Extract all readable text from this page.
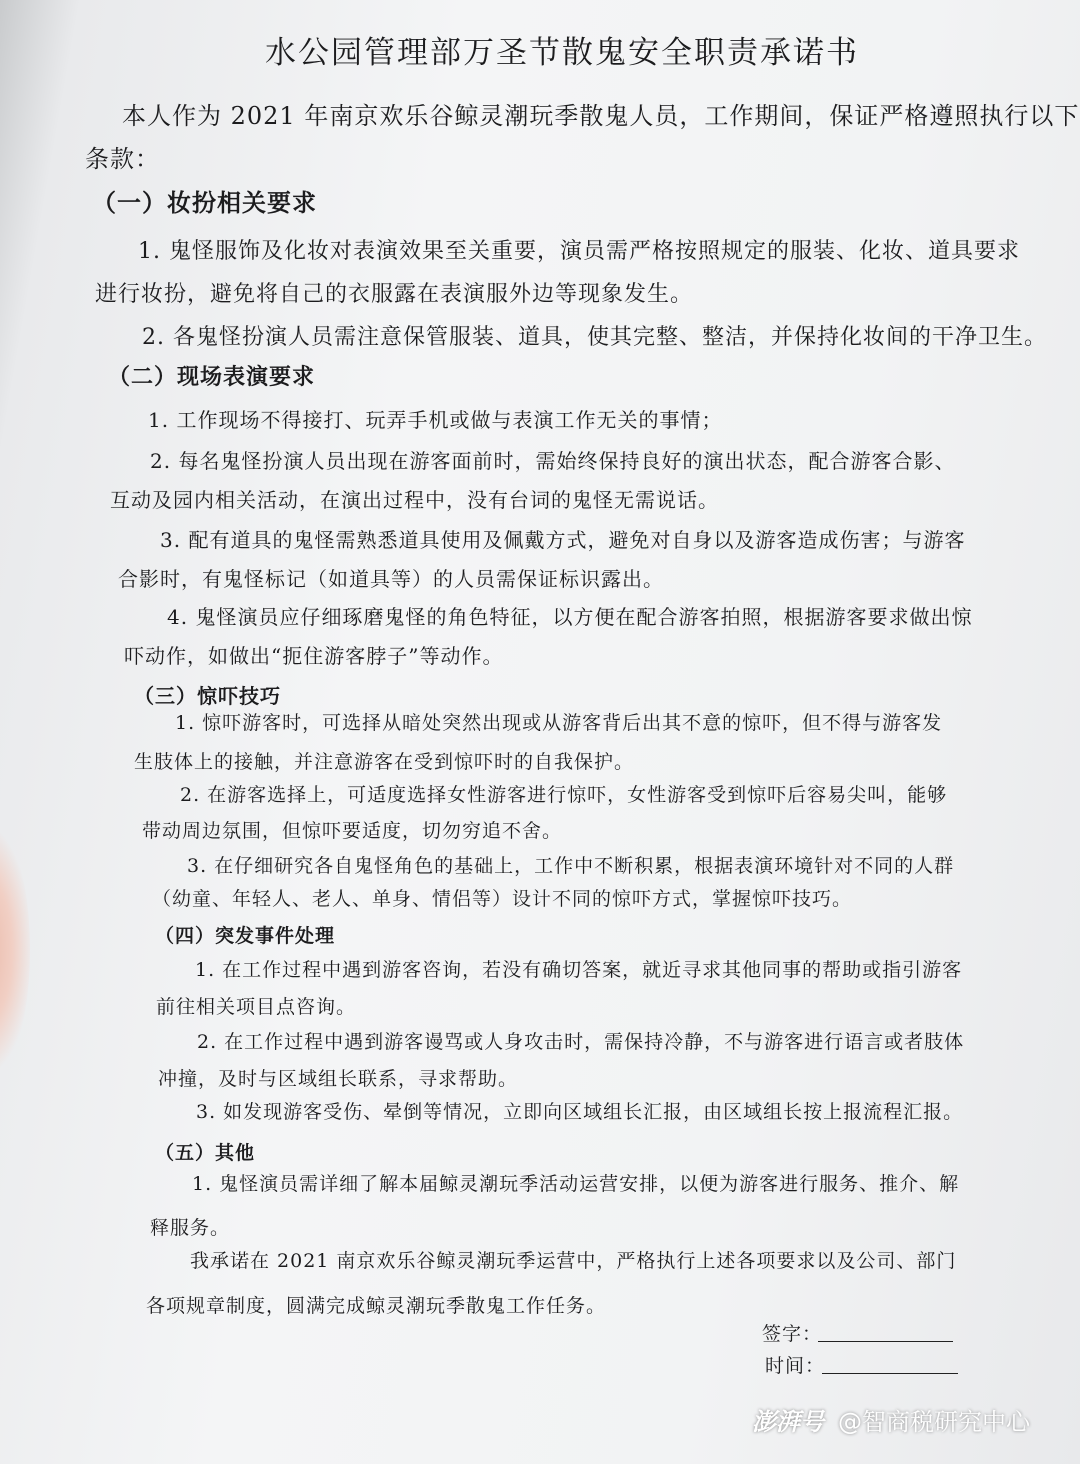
水公园管理部万圣节散鬼安全职责承诺书
本人作为 2021 年南京欢乐谷鲸灵潮玩季散鬼人员，工作期间，保证严格遵照执行以下
条款：
（一）妆扮相关要求
1. 鬼怪服饰及化妆对表演效果至关重要，演员需严格按照规定的服装、化妆、道具要求
进行妆扮，避免将自己的衣服露在表演服外边等现象发生。
2. 各鬼怪扮演人员需注意保管服装、道具，使其完整、整洁，并保持化妆间的干净卫生。
（二）现场表演要求
1. 工作现场不得接打、玩弄手机或做与表演工作无关的事情；
2. 每名鬼怪扮演人员出现在游客面前时，需始终保持良好的演出状态，配合游客合影、
互动及园内相关活动，在演出过程中，没有台词的鬼怪无需说话。
3. 配有道具的鬼怪需熟悉道具使用及佩戴方式，避免对自身以及游客造成伤害；与游客
合影时，有鬼怪标记（如道具等）的人员需保证标识露出。
4. 鬼怪演员应仔细琢磨鬼怪的角色特征，以方便在配合游客拍照，根据游客要求做出惊
吓动作，如做出“扼住游客脖子”等动作。
（三）惊吓技巧
1. 惊吓游客时，可选择从暗处突然出现或从游客背后出其不意的惊吓，但不得与游客发
生肢体上的接触，并注意游客在受到惊吓时的自我保护。
2. 在游客选择上，可适度选择女性游客进行惊吓，女性游客受到惊吓后容易尖叫，能够
带动周边氛围，但惊吓要适度，切勿穷追不舍。
3. 在仔细研究各自鬼怪角色的基础上，工作中不断积累，根据表演环境针对不同的人群
（幼童、年轻人、老人、单身、情侣等）设计不同的惊吓方式，掌握惊吓技巧。
（四）突发事件处理
1. 在工作过程中遇到游客咨询，若没有确切答案，就近寻求其他同事的帮助或指引游客
前往相关项目点咨询。
2. 在工作过程中遇到游客谩骂或人身攻击时，需保持冷静，不与游客进行语言或者肢体
冲撞，及时与区域组长联系，寻求帮助。
3. 如发现游客受伤、晕倒等情况，立即向区域组长汇报，由区域组长按上报流程汇报。
（五）其他
1. 鬼怪演员需详细了解本届鲸灵潮玩季活动运营安排，以便为游客进行服务、推介、解
释服务。
我承诺在 2021 南京欢乐谷鲸灵潮玩季运营中，严格执行上述各项要求以及公司、部门
各项规章制度，圆满完成鲸灵潮玩季散鬼工作任务。
签字：
时间：
澎湃号 @智商税研究中心
